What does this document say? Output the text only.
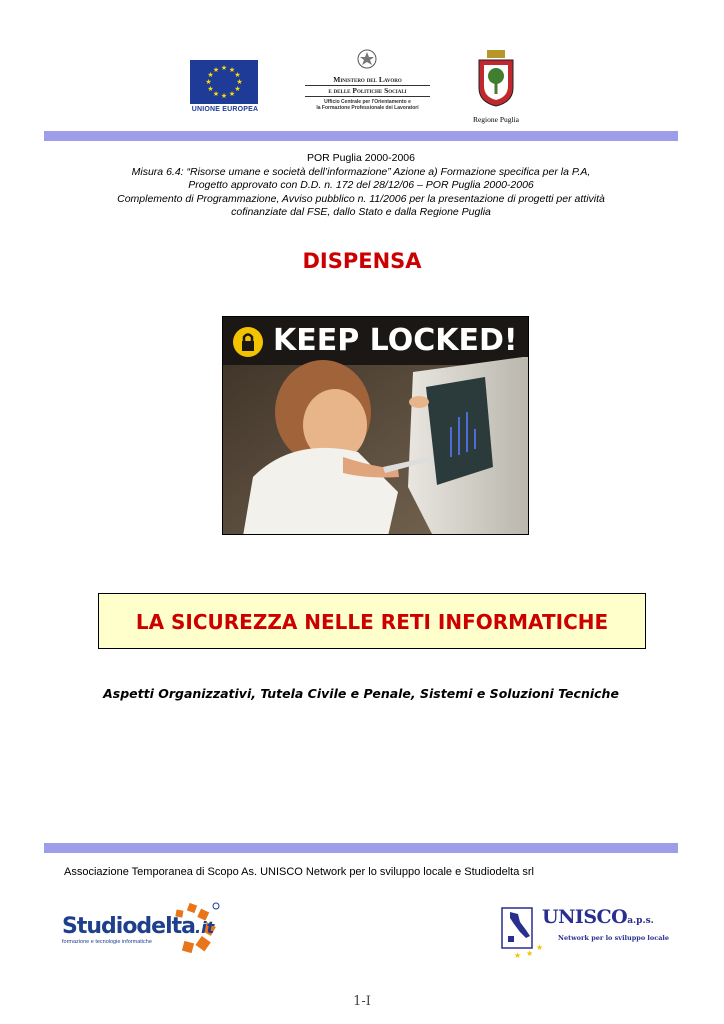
★ ★
★
★
★
★
★
★
★
★
★
★
UNIONE EUROPEA
Ministero del Lavoro
e delle Politiche Sociali
Ufficio Centrale per l'Orientamento e
la Formazione Professionale dei Lavoratori
Regione Puglia
POR Puglia 2000-2006
Misura 6.4: “Risorse umane e società dell’informazione” Azione a) Formazione specifica per la P.A,
Progetto approvato con D.D. n. 172 del 28/12/06 – POR Puglia 2000-2006
Complemento di Programmazione, Avviso pubblico n. 11/2006 per la presentazione di progetti per attività
cofinanziate dal FSE, dallo Stato e dalla Regione Puglia
DISPENSA
KEEP LOCKED!
LA SICUREZZA NELLE RETI INFORMATICHE
Aspetti Organizzativi, Tutela Civile e Penale, Sistemi e Soluzioni Tecniche
Associazione Temporanea di Scopo As. UNISCO Network per lo sviluppo locale e Studiodelta srl
Studiodelta.it
formazione e tecnologie informatiche
★ ★
★
UNISCOa.p.s.
Network per lo sviluppo locale
1-I
